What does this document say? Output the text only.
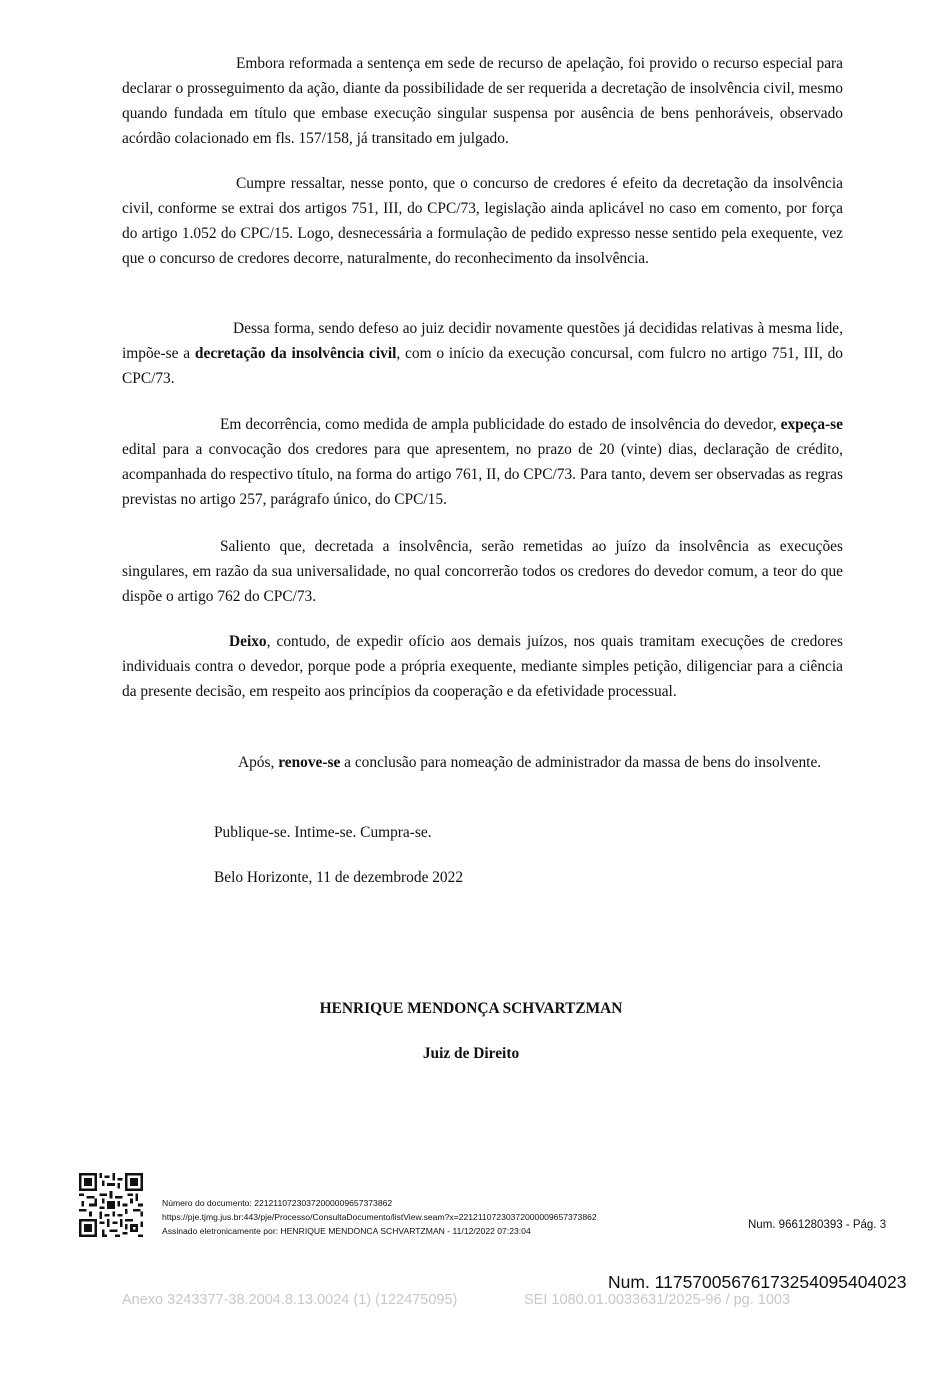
Embora reformada a sentença em sede de recurso de apelação, foi provido o recurso especial para declarar o prosseguimento da ação, diante da possibilidade de ser requerida a decretação de insolvência civil, mesmo quando fundada em título que embase execução singular suspensa por ausência de bens penhoráveis, observado acórdão colacionado em fls. 157/158, já transitado em julgado.
Cumpre ressaltar, nesse ponto, que o concurso de credores é efeito da decretação da insolvência civil, conforme se extrai dos artigos 751, III, do CPC/73, legislação ainda aplicável no caso em comento, por força do artigo 1.052 do CPC/15. Logo, desnecessária a formulação de pedido expresso nesse sentido pela exequente, vez que o concurso de credores decorre, naturalmente, do reconhecimento da insolvência.
Dessa forma, sendo defeso ao juiz decidir novamente questões já decididas relativas à mesma lide, impõe-se a decretação da insolvência civil, com o início da execução concursal, com fulcro no artigo 751, III, do CPC/73.
Em decorrência, como medida de ampla publicidade do estado de insolvência do devedor, expeça-se edital para a convocação dos credores para que apresentem, no prazo de 20 (vinte) dias, declaração de crédito, acompanhada do respectivo título, na forma do artigo 761, II, do CPC/73. Para tanto, devem ser observadas as regras previstas no artigo 257, parágrafo único, do CPC/15.
Saliento que, decretada a insolvência, serão remetidas ao juízo da insolvência as execuções singulares, em razão da sua universalidade, no qual concorrerão todos os credores do devedor comum, a teor do que dispõe o artigo 762 do CPC/73.
Deixo, contudo, de expedir ofício aos demais juízos, nos quais tramitam execuções de credores individuais contra o devedor, porque pode a própria exequente, mediante simples petição, diligenciar para a ciência da presente decisão, em respeito aos princípios da cooperação e da efetividade processual.
Após, renove-se a conclusão para nomeação de administrador da massa de bens do insolvente.
Publique-se. Intime-se. Cumpra-se.
Belo Horizonte, 11 de dezembrode 2022
HENRIQUE MENDONÇA SCHVARTZMAN
Juiz de Direito
Número do documento: 22121107230372000009657373862
https://pje.tjmg.jus.br:443/pje/Processo/ConsultaDocumento/listView.seam?x=22121107230372000009657373862
Assinado eletronicamente por: HENRIQUE MENDONCA SCHVARTZMAN - 11/12/2022 07:23:04	Num. 9661280393 - Pág. 3
Num. 11757005676173254095404023
Anexo 3243377-38.2004.8.13.0024 (1) (122475095)	SEI 1080.01.0033631/2025-96 / pg. 1003
